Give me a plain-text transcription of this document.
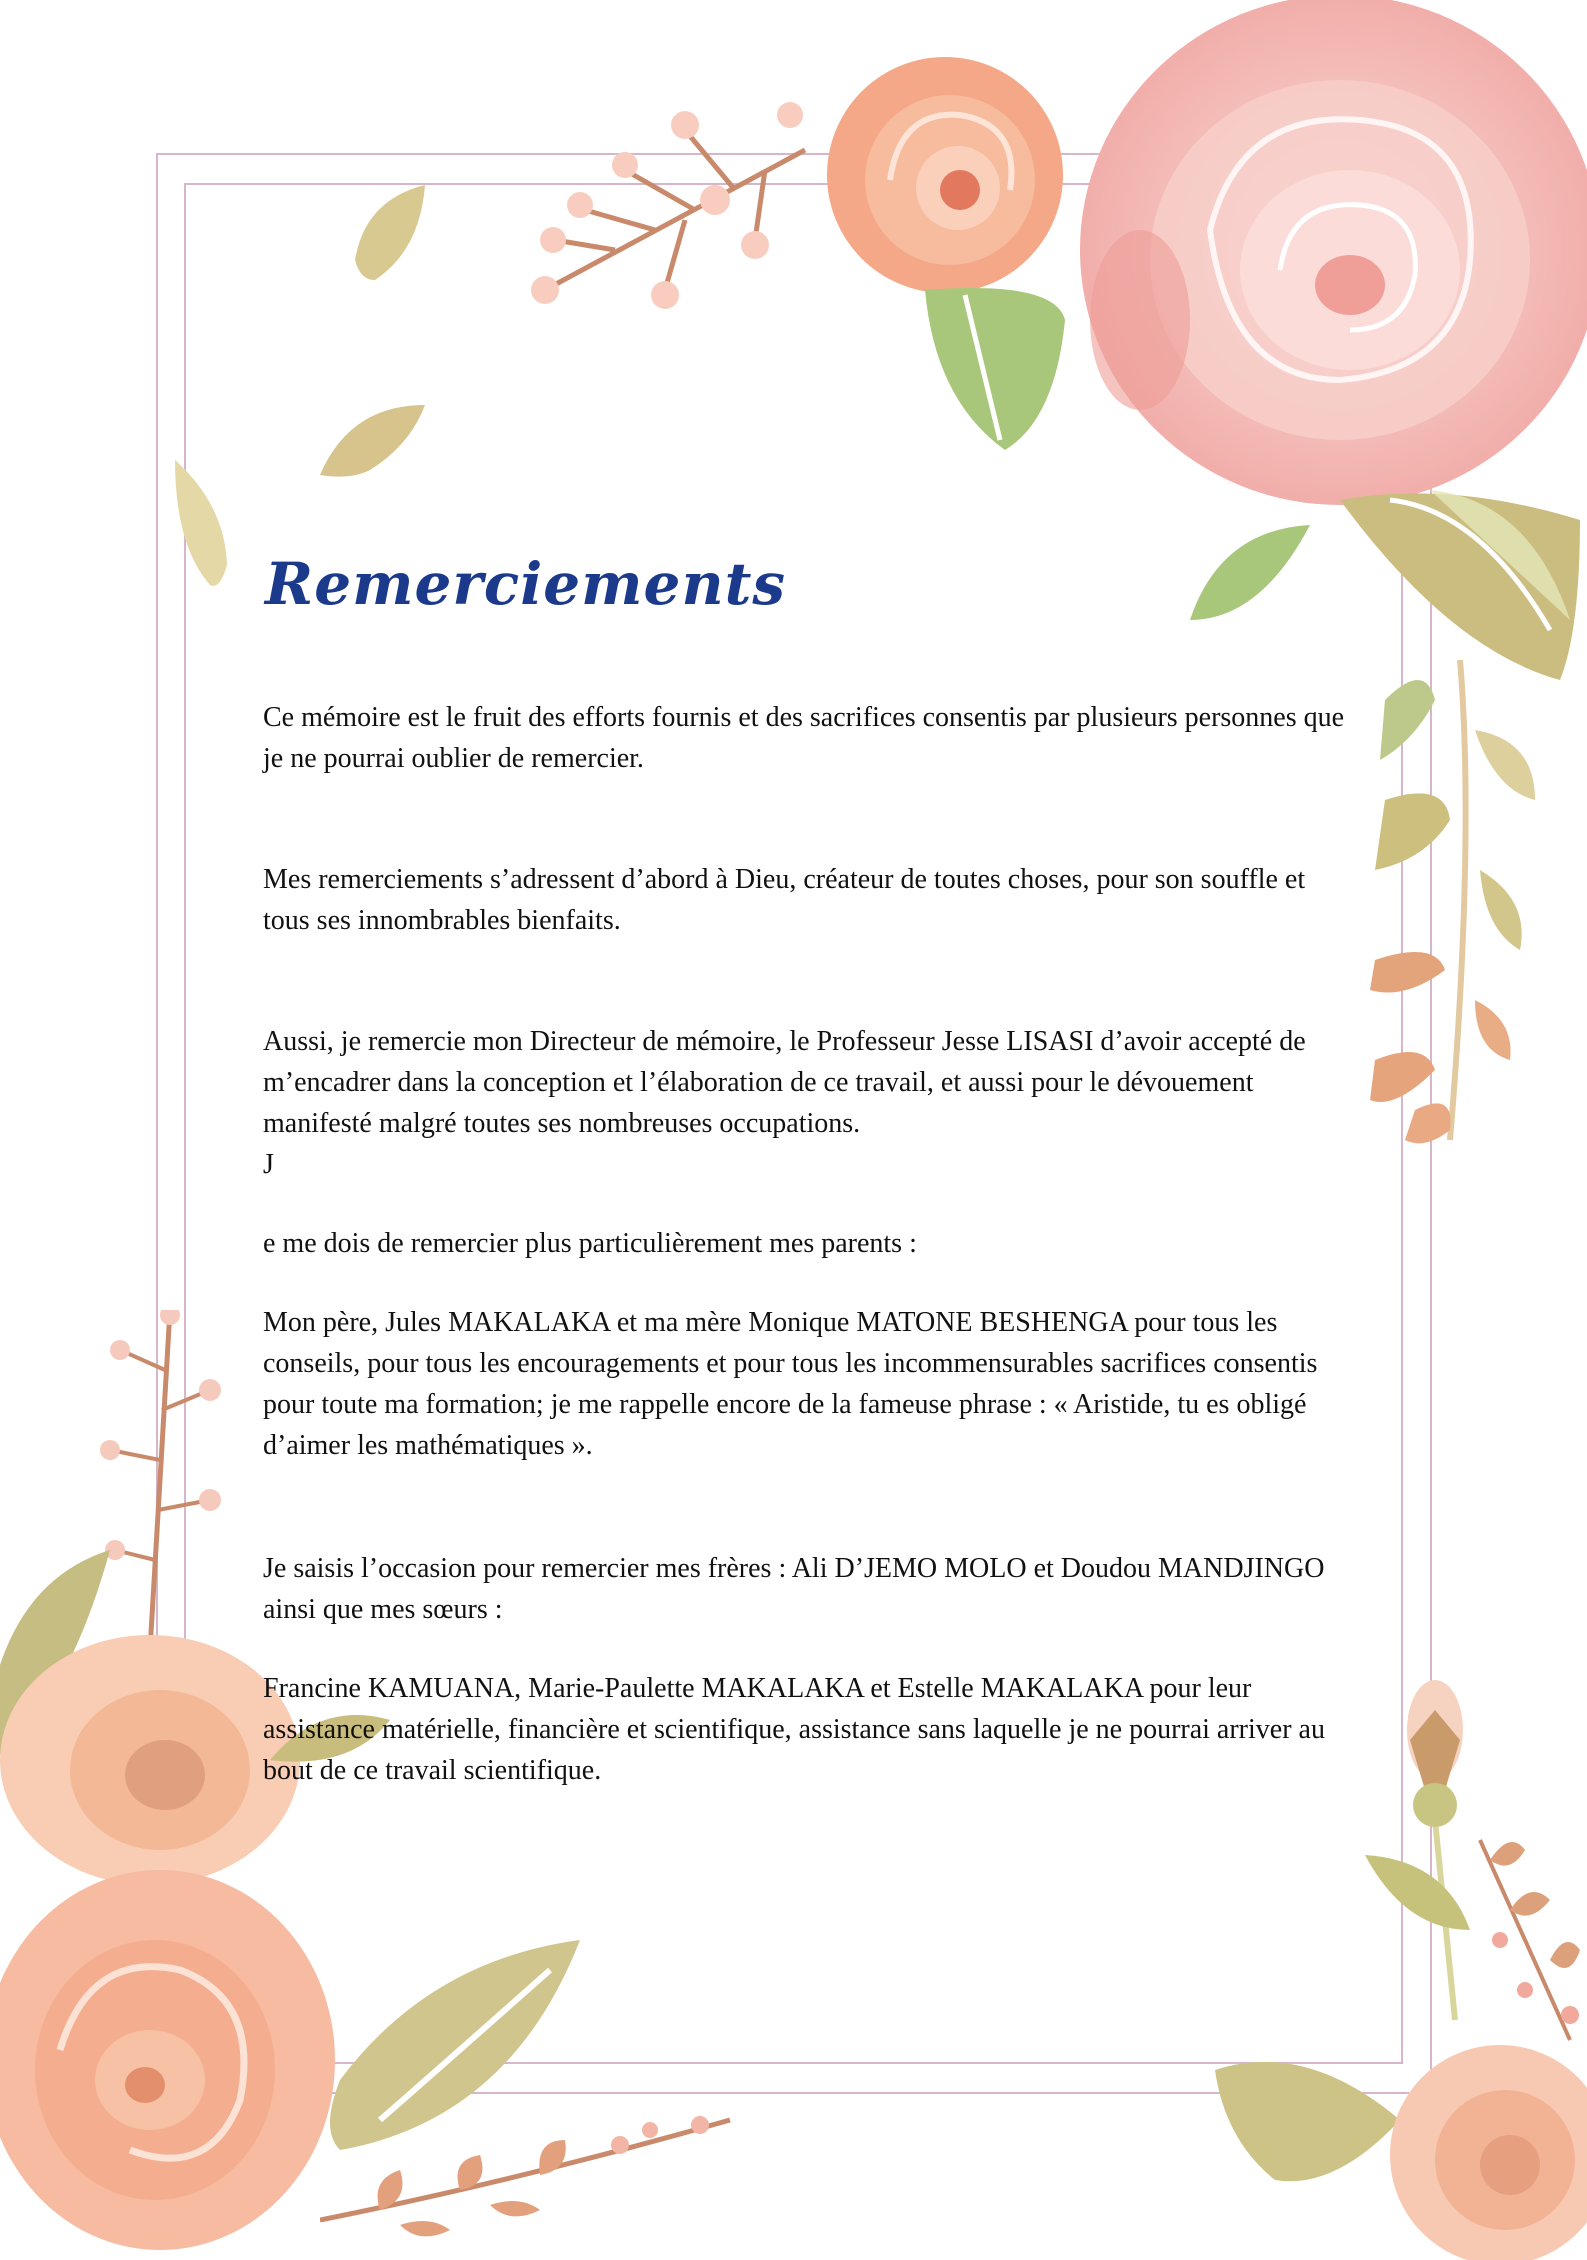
Remerciements

Ce mémoire est le fruit des efforts fournis et des sacrifices consentis par plusieurs personnes que je ne pourrai oublier de remercier.

Mes remerciements s’adressent d’abord à Dieu, créateur de toutes choses, pour son souffle et tous ses innombrables bienfaits.

Aussi, je remercie mon Directeur de mémoire, le Professeur Jesse LISASI d’avoir accepté de m’encadrer dans la conception et l’élaboration de ce travail, et aussi pour le dévouement manifesté malgré toutes ses nombreuses occupations.

J

e me dois de remercier plus particulièrement mes parents :

Mon père, Jules MAKALAKA et ma mère Monique MATONE BESHENGA pour tous les conseils, pour tous les encouragements et pour tous les incommensurables sacrifices consentis pour toute ma formation; je me rappelle encore de la fameuse phrase : « Aristide, tu es obligé d’aimer les mathématiques ».

Je saisis l’occasion pour remercier mes frères : Ali D’JEMO MOLO et Doudou MANDJINGO ainsi que mes sœurs :

Francine KAMUANA, Marie-Paulette MAKALAKA et Estelle MAKALAKA pour leur assistance matérielle, financière et scientifique, assistance sans laquelle je ne pourrai arriver au bout de ce travail scientifique.
